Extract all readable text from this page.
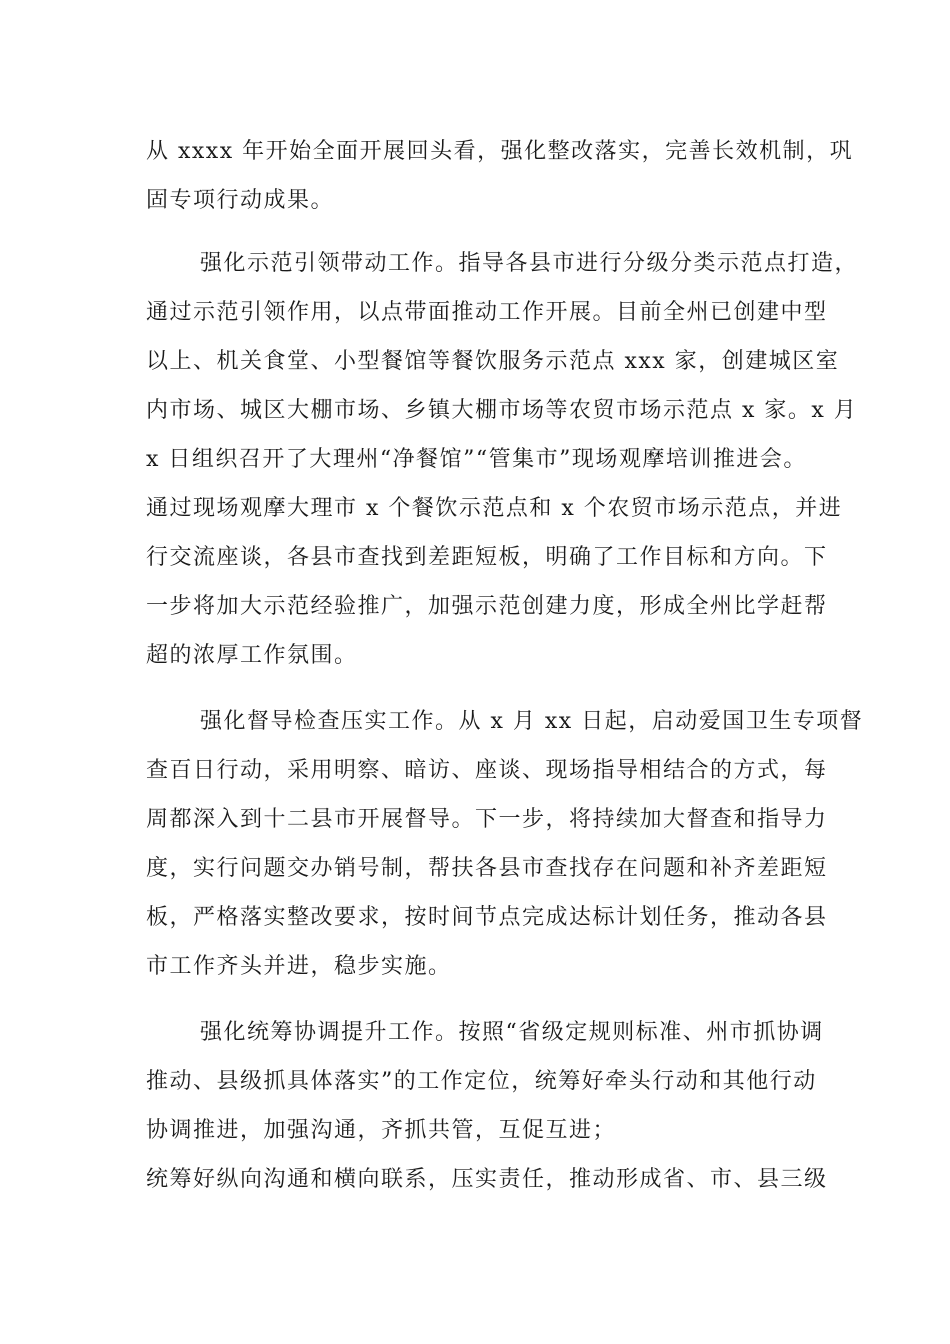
从 xxxx 年开始全面开展回头看，强化整改落实，完善长效机制，巩
固专项行动成果。
强化示范引领带动工作。指导各县市进行分级分类示范点打造，
通过示范引领作用，以点带面推动工作开展。目前全州已创建中型
以上、机关食堂、小型餐馆等餐饮服务示范点 xxx 家，创建城区室
内市场、城区大棚市场、乡镇大棚市场等农贸市场示范点 x 家。x 月
x 日组织召开了大理州“净餐馆”“管集市”现场观摩培训推进会。
通过现场观摩大理市 x 个餐饮示范点和 x 个农贸市场示范点，并进
行交流座谈，各县市查找到差距短板，明确了工作目标和方向。下
一步将加大示范经验推广，加强示范创建力度，形成全州比学赶帮
超的浓厚工作氛围。
强化督导检查压实工作。从 x 月 xx 日起，启动爱国卫生专项督
查百日行动，采用明察、暗访、座谈、现场指导相结合的方式，每
周都深入到十二县市开展督导。下一步，将持续加大督查和指导力
度，实行问题交办销号制，帮扶各县市查找存在问题和补齐差距短
板，严格落实整改要求，按时间节点完成达标计划任务，推动各县
市工作齐头并进，稳步实施。
强化统筹协调提升工作。按照“省级定规则标准、州市抓协调
推动、县级抓具体落实”的工作定位，统筹好牵头行动和其他行动
协调推进，加强沟通，齐抓共管，互促互进；
统筹好纵向沟通和横向联系，压实责任，推动形成省、市、县三级
